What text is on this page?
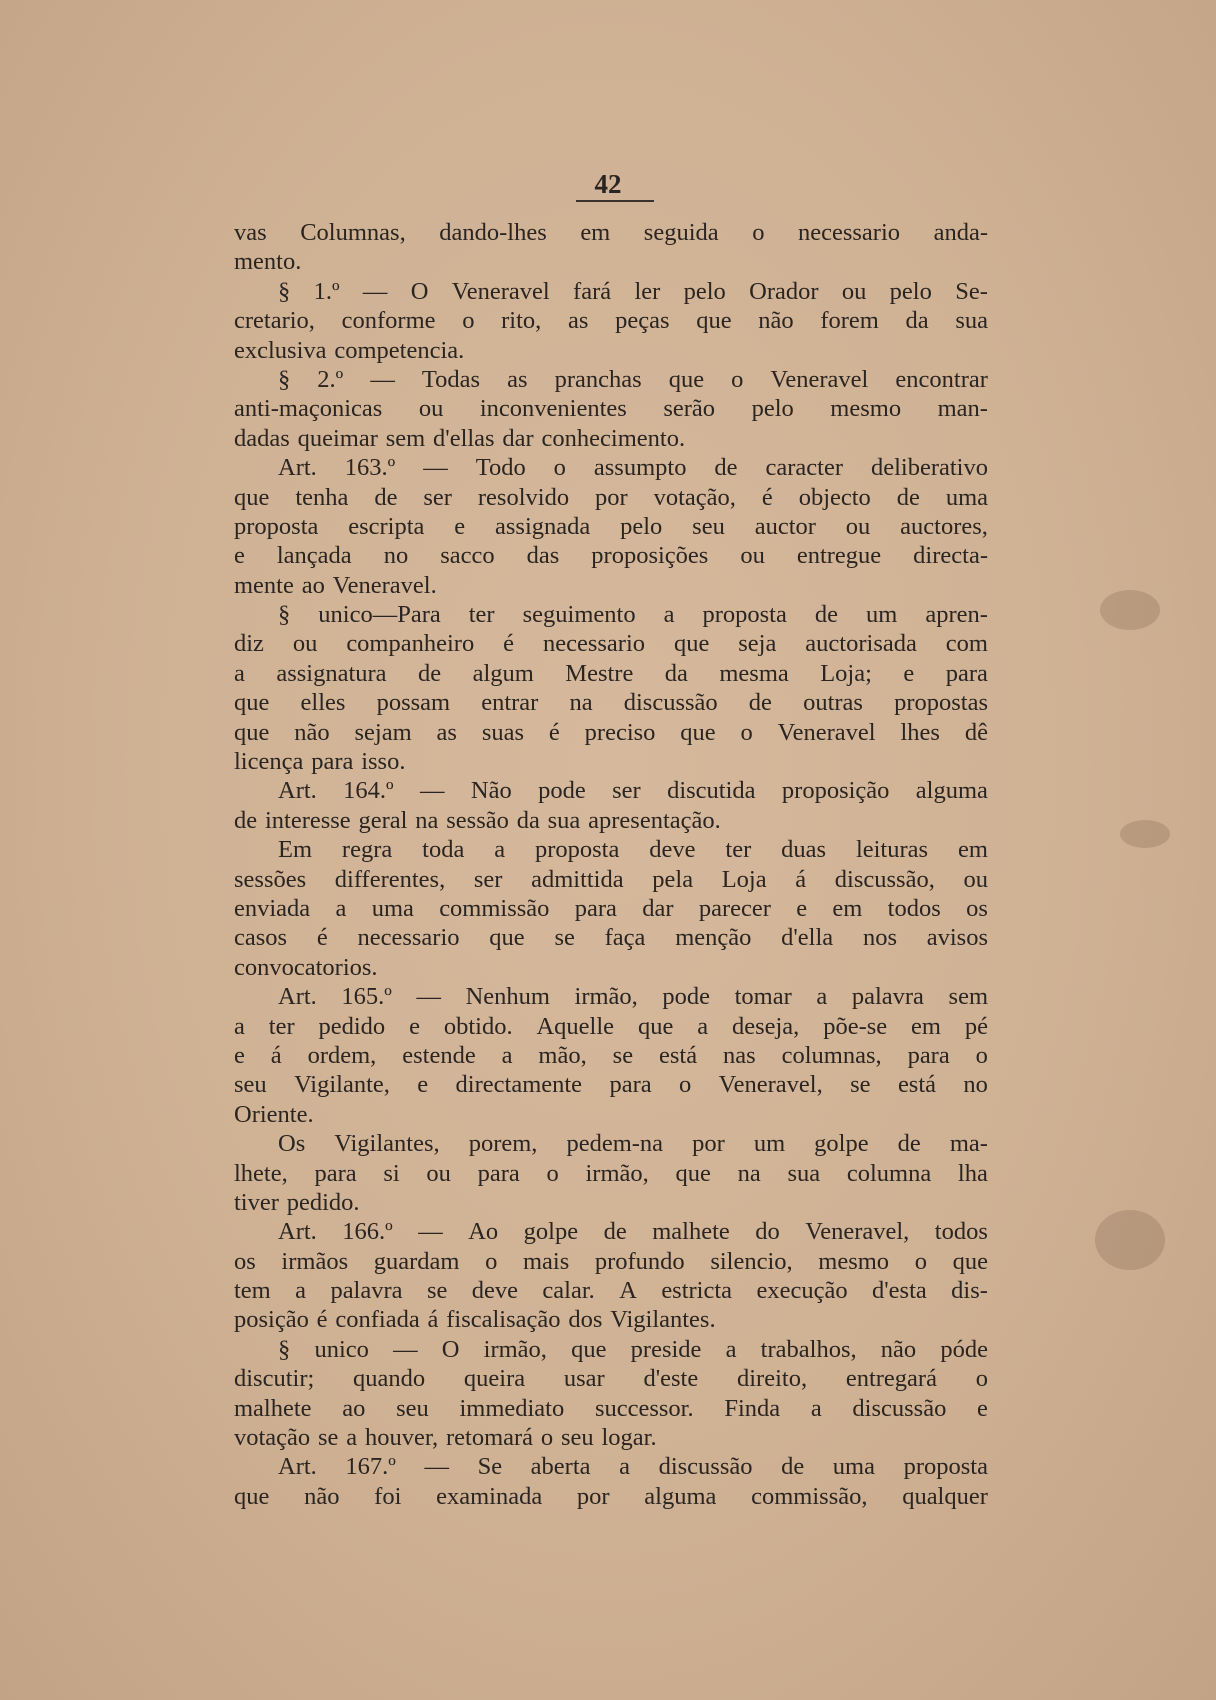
42
vas Columnas, dando-lhes em seguida o necessario anda-
mento.
§ 1.º — O Veneravel fará ler pelo Orador ou pelo Se-
cretario, conforme o rito, as peças que não forem da sua
exclusiva competencia.
§ 2.º — Todas as pranchas que o Veneravel encontrar
anti-maçonicas ou inconvenientes serão pelo mesmo man-
dadas queimar sem d'ellas dar conhecimento.
Art. 163.º — Todo o assumpto de caracter deliberativo
que tenha de ser resolvido por votação, é objecto de uma
proposta escripta e assignada pelo seu auctor ou auctores,
e lançada no sacco das proposições ou entregue directa-
mente ao Veneravel.
§ unico—Para ter seguimento a proposta de um apren-
diz ou companheiro é necessario que seja auctorisada com
a assignatura de algum Mestre da mesma Loja; e para
que elles possam entrar na discussão de outras propostas
que não sejam as suas é preciso que o Veneravel lhes dê
licença para isso.
Art. 164.º — Não pode ser discutida proposição alguma
de interesse geral na sessão da sua apresentação.
Em regra toda a proposta deve ter duas leituras em
sessões differentes, ser admittida pela Loja á discussão, ou
enviada a uma commissão para dar parecer e em todos os
casos é necessario que se faça menção d'ella nos avisos
convocatorios.
Art. 165.º — Nenhum irmão, pode tomar a palavra sem
a ter pedido e obtido. Aquelle que a deseja, põe-se em pé
e á ordem, estende a mão, se está nas columnas, para o
seu Vigilante, e directamente para o Veneravel, se está no
Oriente.
Os Vigilantes, porem, pedem-na por um golpe de ma-
lhete, para si ou para o irmão, que na sua columna lha
tiver pedido.
Art. 166.º — Ao golpe de malhete do Veneravel, todos
os irmãos guardam o mais profundo silencio, mesmo o que
tem a palavra se deve calar. A estricta execução d'esta dis-
posição é confiada á fiscalisação dos Vigilantes.
§ unico — O irmão, que preside a trabalhos, não póde
discutir; quando queira usar d'este direito, entregará o
malhete ao seu immediato successor. Finda a discussão e
votação se a houver, retomará o seu logar.
Art. 167.º — Se aberta a discussão de uma proposta
que não foi examinada por alguma commissão, qualquer
